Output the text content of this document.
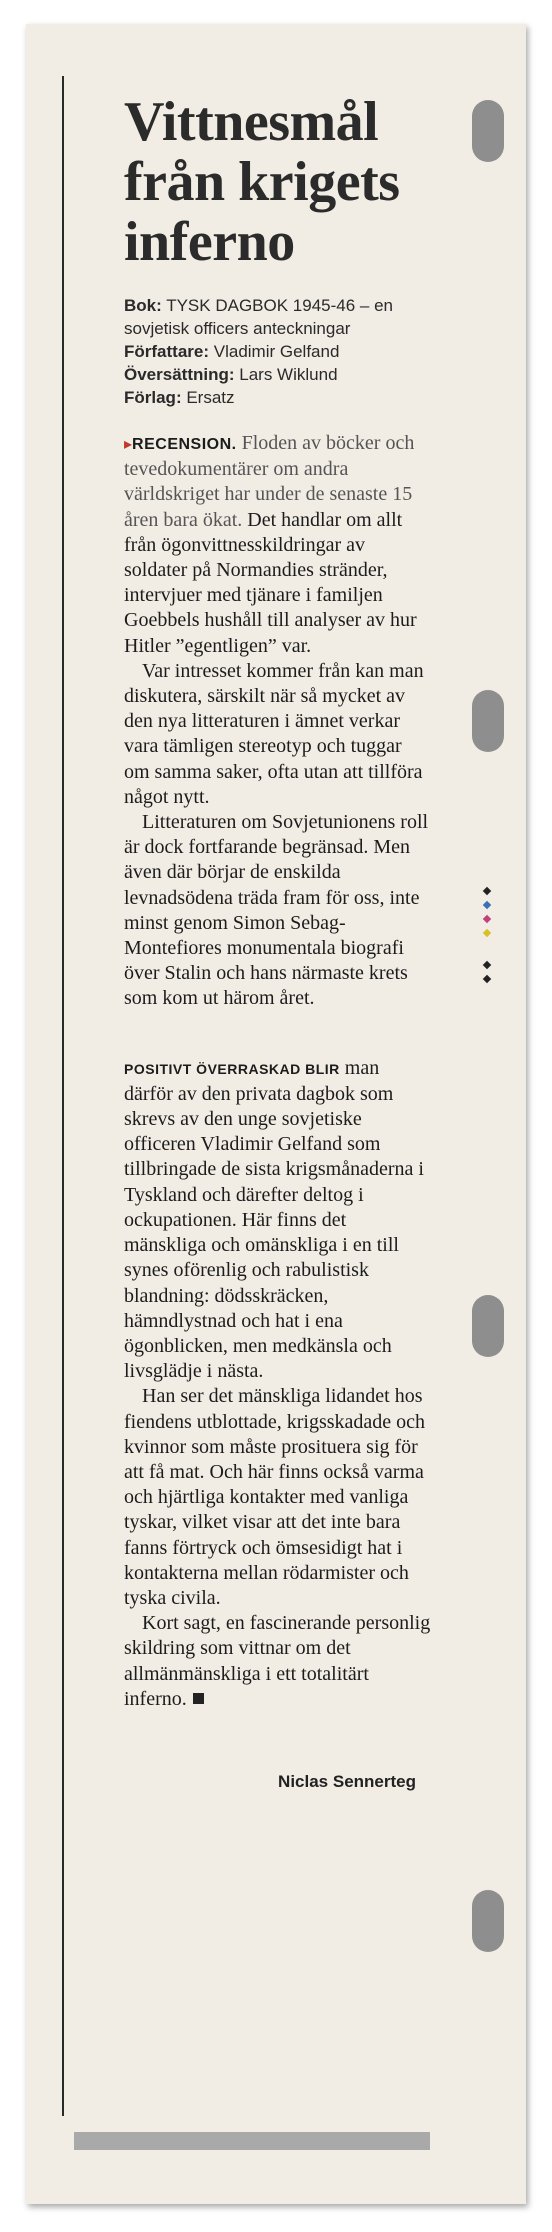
Vittnesmål från krigets inferno
Bok: TYSK DAGBOK 1945-46 – en sovjetisk officers anteckningar
Författare: Vladimir Gelfand
Översättning: Lars Wiklund
Förlag: Ersatz

▸RECENSION. Floden av böcker och tevedokumentärer om andra världskriget har under de senaste 15 åren bara ökat. Det handlar om allt från ögonvittnesskildringar av soldater på Normandies stränder, intervjuer med tjänare i familjen Goebbels hushåll till analyser av hur Hitler ”egentligen” var.

Var intresset kommer från kan man diskutera, särskilt när så mycket av den nya litteraturen i ämnet verkar vara tämligen stereotyp och tuggar om samma saker, ofta utan att tillföra något nytt.

Litteraturen om Sovjetunionens roll är dock fortfarande begränsad. Men även där börjar de enskilda levnadsödena träda fram för oss, inte minst genom Simon Sebag-Montefiores monumentala biografi över Stalin och hans närmaste krets som kom ut härom året.

POSITIVT ÖVERRASKAD BLIR man därför av den privata dagbok som skrevs av den unge sovjetiske officeren Vladimir Gelfand som tillbringade de sista krigsmånaderna i Tyskland och därefter deltog i ockupationen. Här finns det mänskliga och omänskliga i en till synes oförenlig och rabulistisk blandning: dödsskräcken, hämndlystnad och hat i ena ögonblicken, men medkänsla och livsglädje i nästa.

Han ser det mänskliga lidandet hos fiendens utblottade, krigsskadade och kvinnor som måste prosituera sig för att få mat. Och här finns också varma och hjärtliga kontakter med vanliga tyskar, vilket visar att det inte bara fanns förtryck och ömsesidigt hat i kontakterna mellan rödarmister och tyska civila.

Kort sagt, en fascinerande personlig skildring som vittnar om det allmänmänskliga i ett totalitärt inferno.

Niclas Sennerteg
